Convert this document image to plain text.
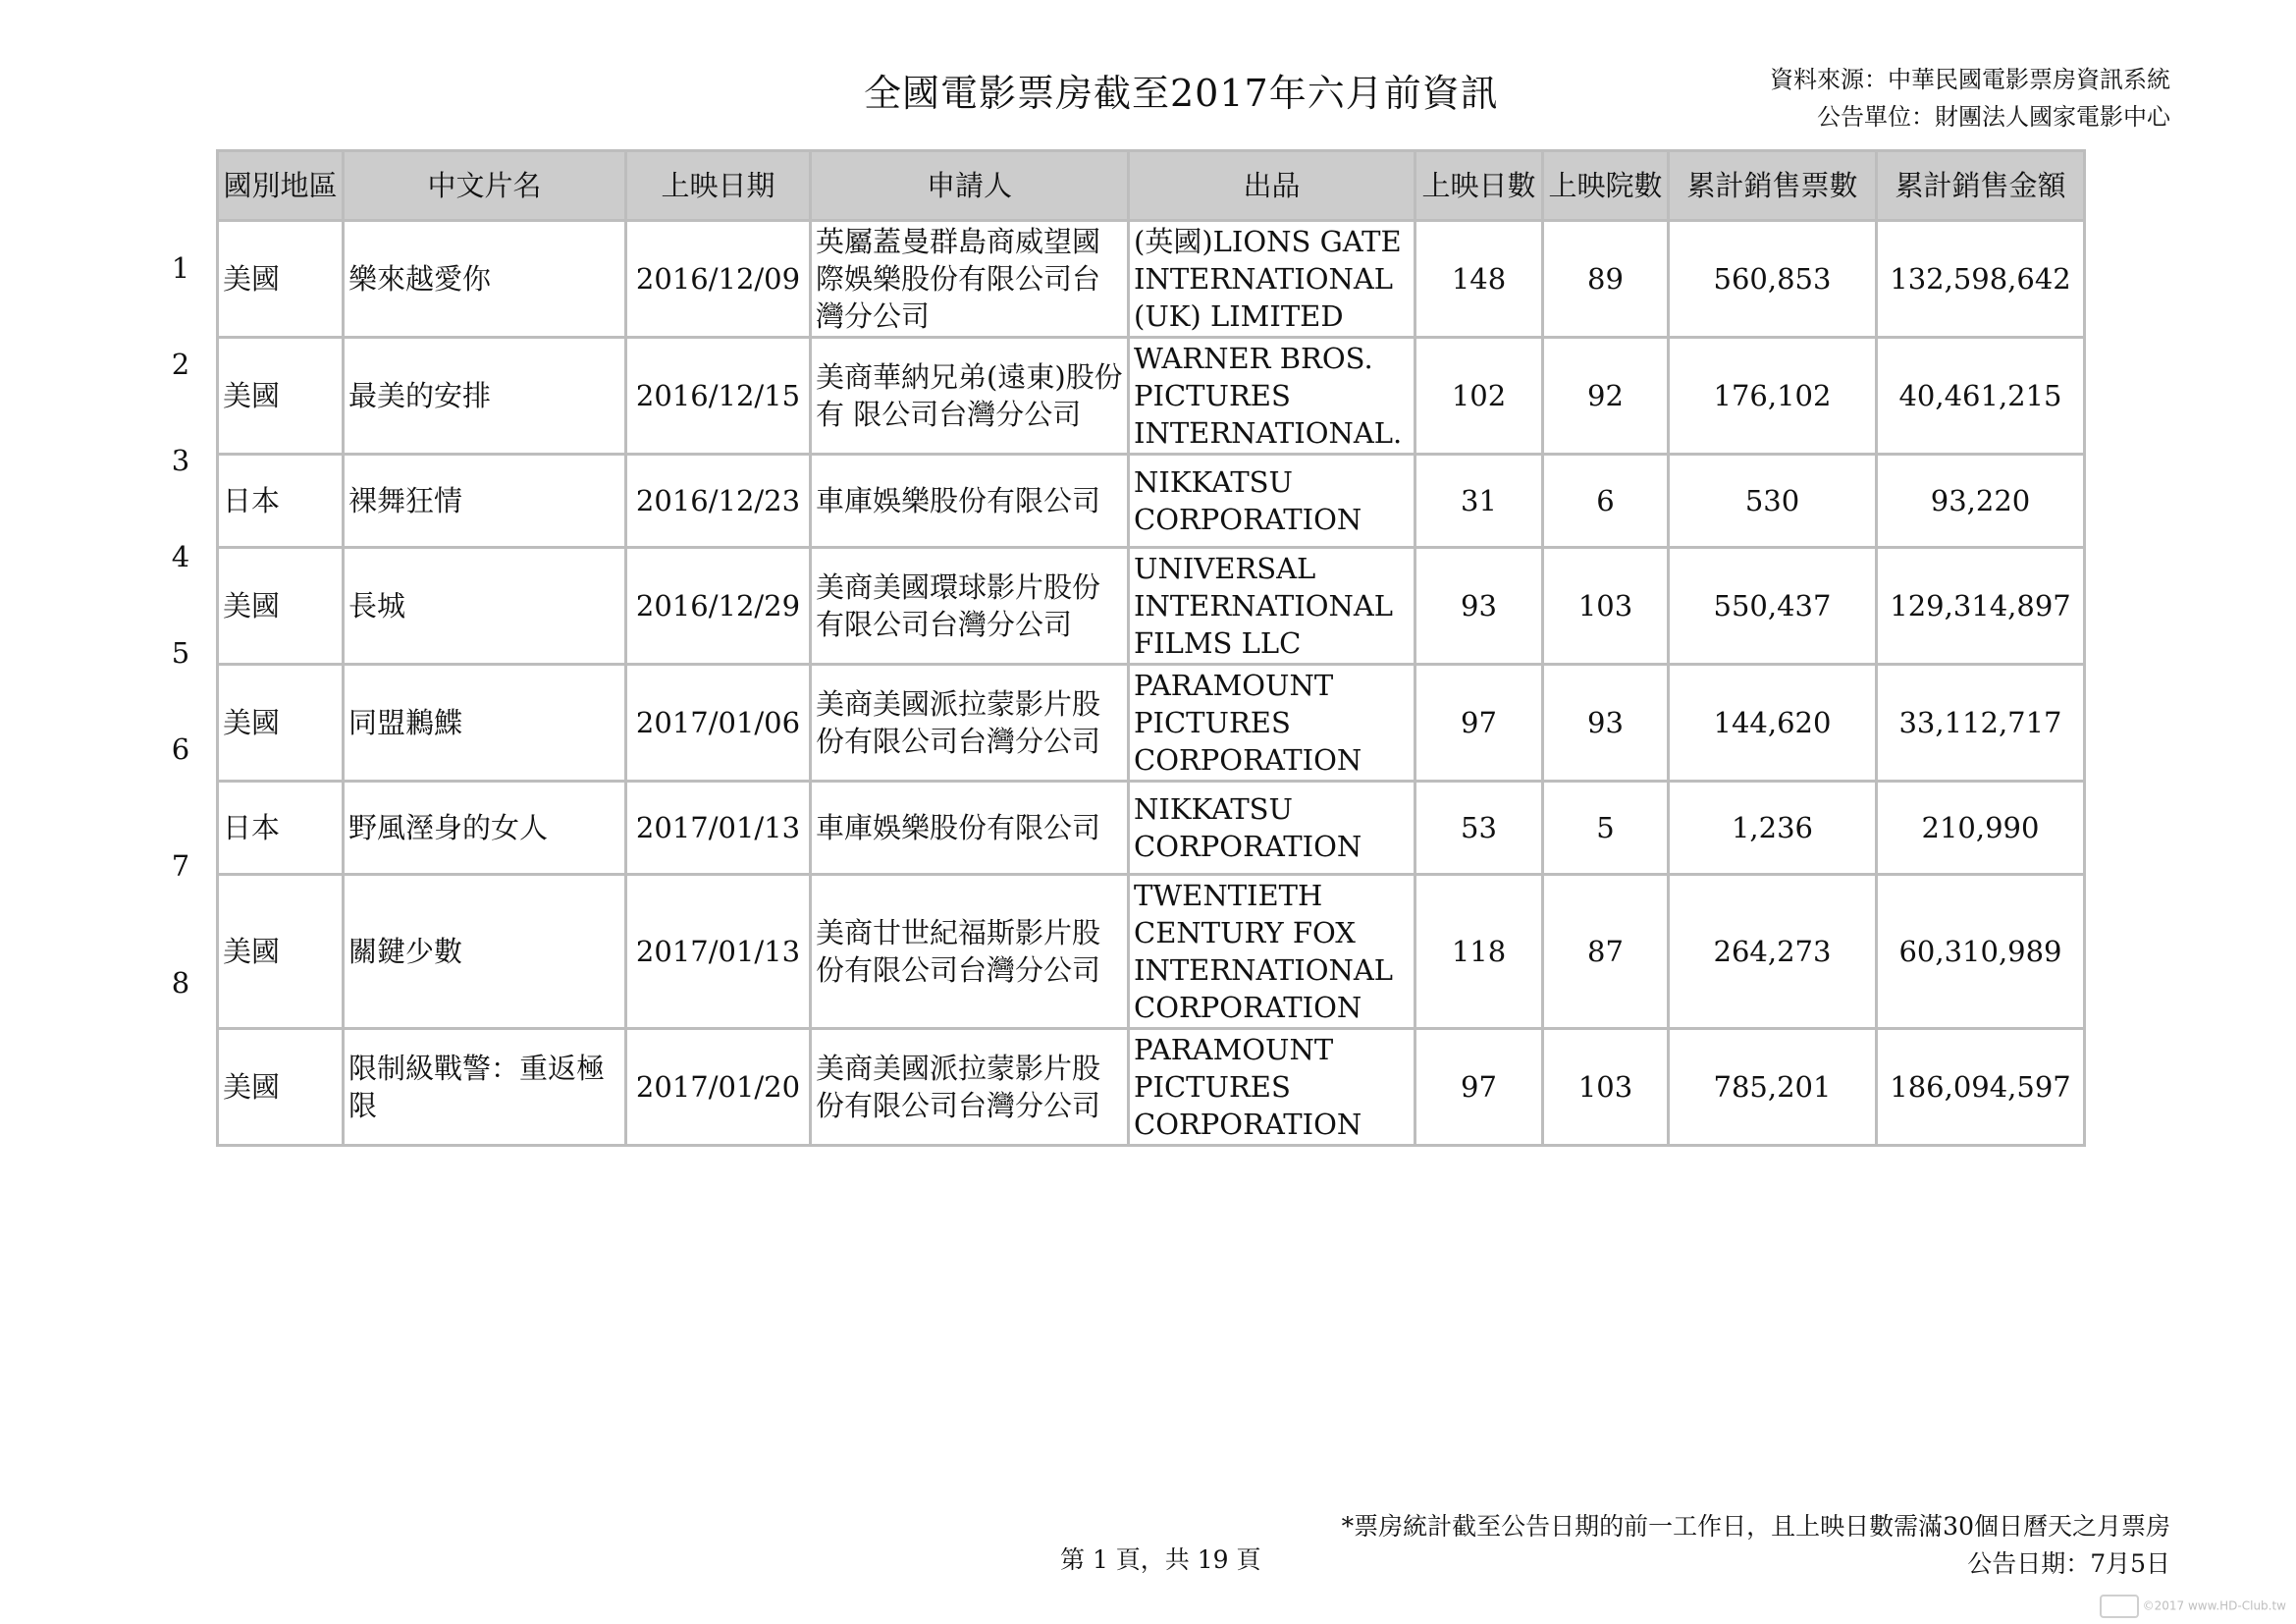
全國電影票房截至2017年六月前資訊	資料來源：中華民國電影票房資訊系統
公告單位：財團法人國家電影中心
國別地區	中文片名	上映日期	申請人	出品	上映日數	上映院數	累計銷售票數	累計銷售金額
美國	樂來越愛你	2016/12/09	英屬蓋曼群島商威望國際娛樂股份有限公司台灣分公司	(英國)LIONS GATE INTERNATIONAL (UK) LIMITED	148	89	560,853	132,598,642
美國	最美的安排	2016/12/15	美商華納兄弟(遠東)股份有 限公司台灣分公司	WARNER BROS. PICTURES INTERNATIONAL.	102	92	176,102	40,461,215
日本	裸舞狂情	2016/12/23	車庫娛樂股份有限公司	NIKKATSU CORPORATION	31	6	530	93,220
美國	長城	2016/12/29	美商美國環球影片股份有限公司台灣分公司	UNIVERSAL INTERNATIONAL FILMS LLC	93	103	550,437	129,314,897
美國	同盟鶼鰈	2017/01/06	美商美國派拉蒙影片股份有限公司台灣分公司	PARAMOUNT PICTURES CORPORATION	97	93	144,620	33,112,717
日本	野風溼身的女人	2017/01/13	車庫娛樂股份有限公司	NIKKATSU CORPORATION	53	5	1,236	210,990
美國	關鍵少數	2017/01/13	美商廿世紀福斯影片股份有限公司台灣分公司	TWENTIETH CENTURY FOX INTERNATIONAL CORPORATION	118	87	264,273	60,310,989
美國	限制級戰警：重返極限	2017/01/20	美商美國派拉蒙影片股份有限公司台灣分公司	PARAMOUNT PICTURES CORPORATION	97	103	785,201	186,094,597
1
2
3
4
5
6
7
8
*票房統計截至公告日期的前一工作日，且上映日數需滿30個日曆天之月票房
公告日期：7月5日
第 1 頁，共 19 頁
©2017 www.HD-Club.tw
